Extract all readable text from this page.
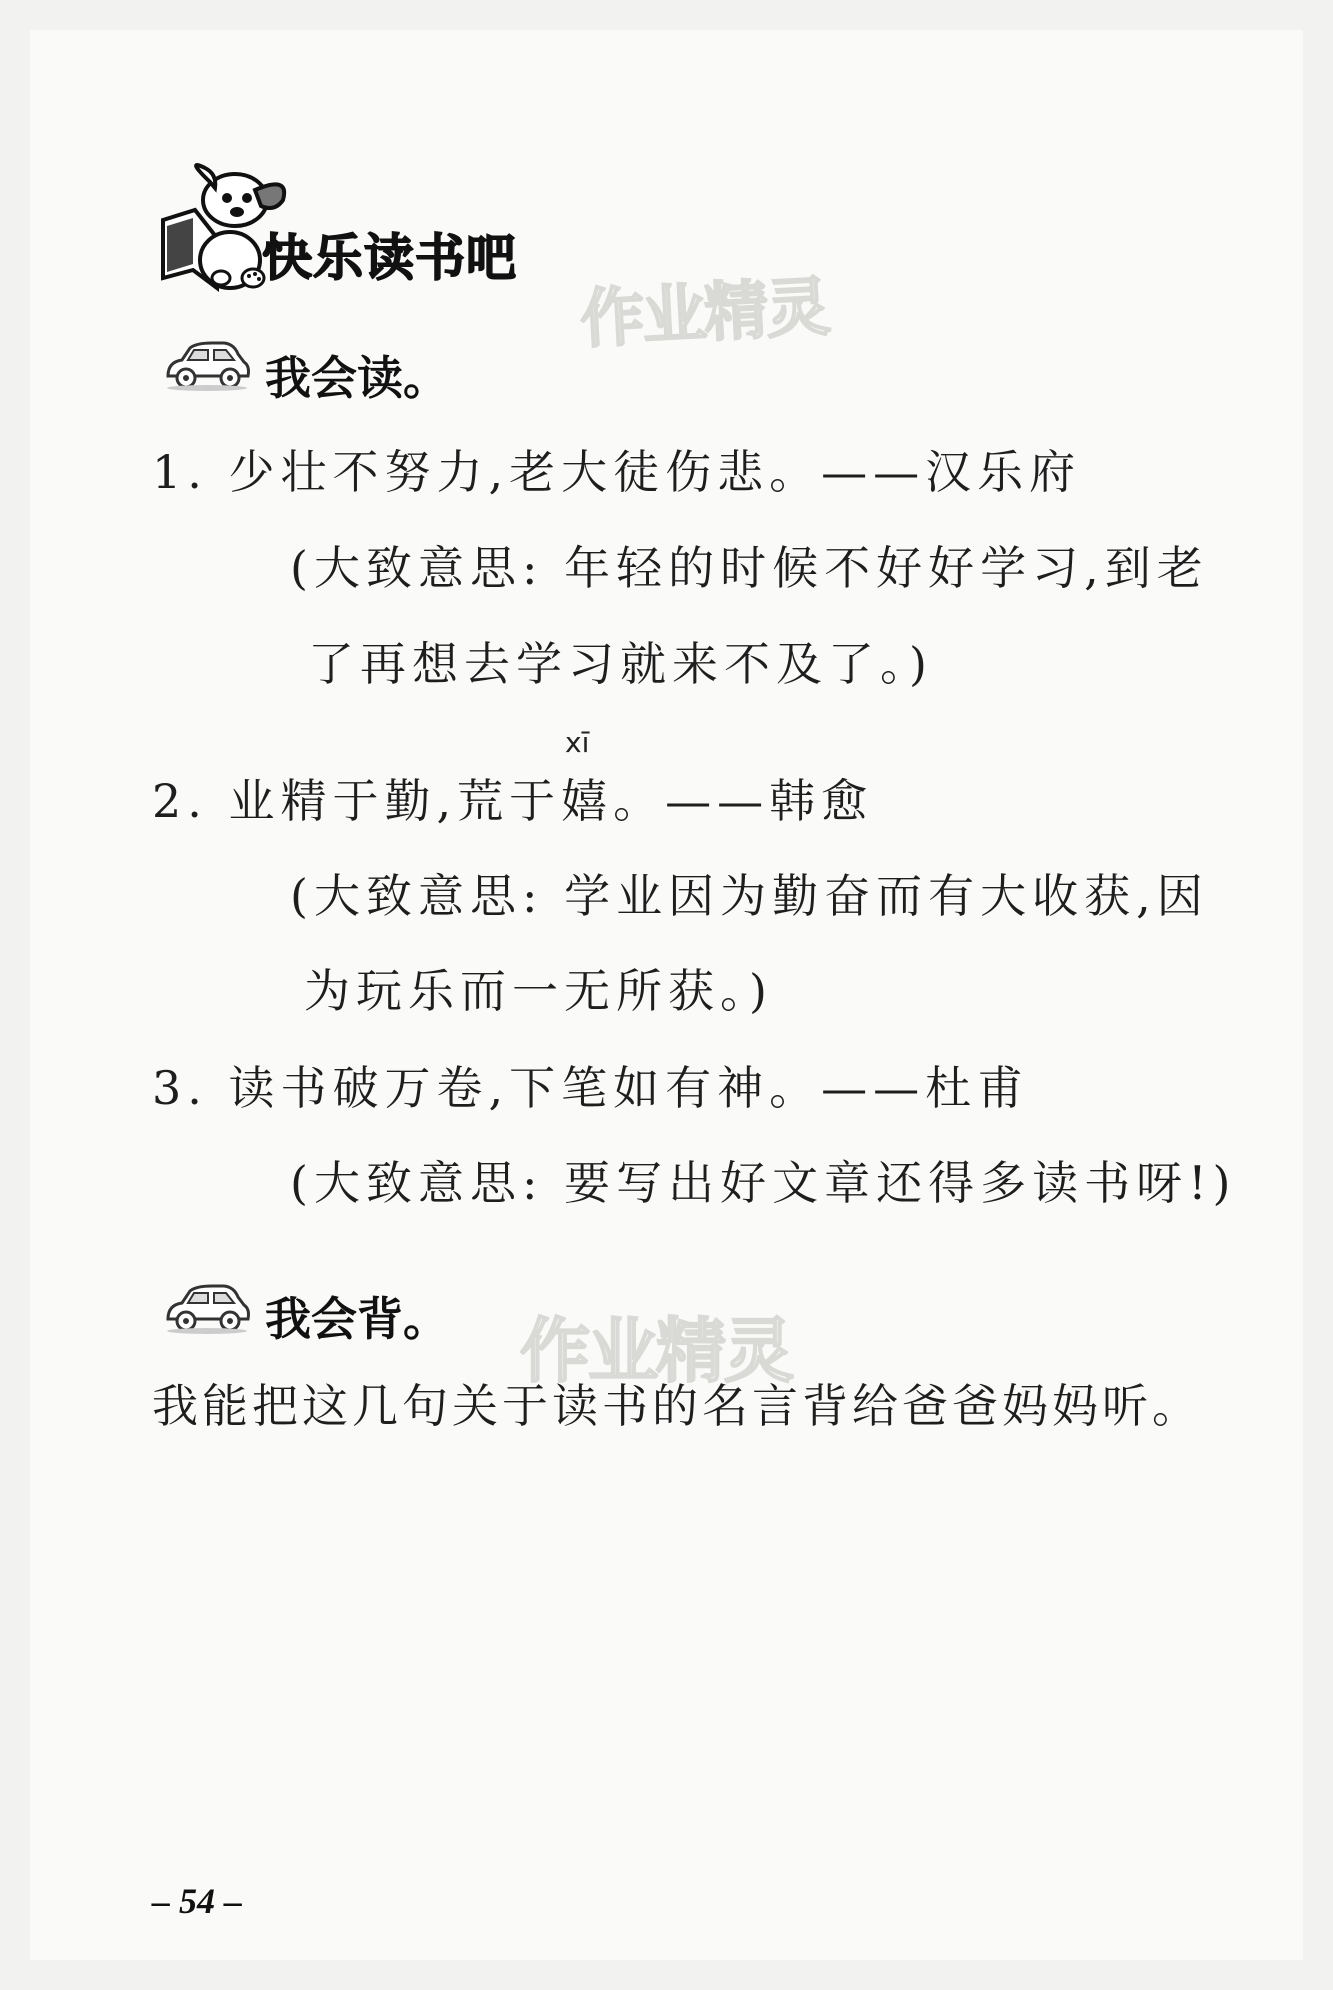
快乐读书吧
作业精灵
作业精灵
我会读。
1. 少壮不努力,老大徒伤悲。——汉乐府
(大致意思: 年轻的时候不好好学习,到老
了再想去学习就来不及了。)
xī
2. 业精于勤,荒于嬉。——韩愈
(大致意思: 学业因为勤奋而有大收获,因
为玩乐而一无所获。)
3. 读书破万卷,下笔如有神。——杜甫
(大致意思: 要写出好文章还得多读书呀!)
我会背。
我能把这几句关于读书的名言背给爸爸妈妈听。
– 54 –
